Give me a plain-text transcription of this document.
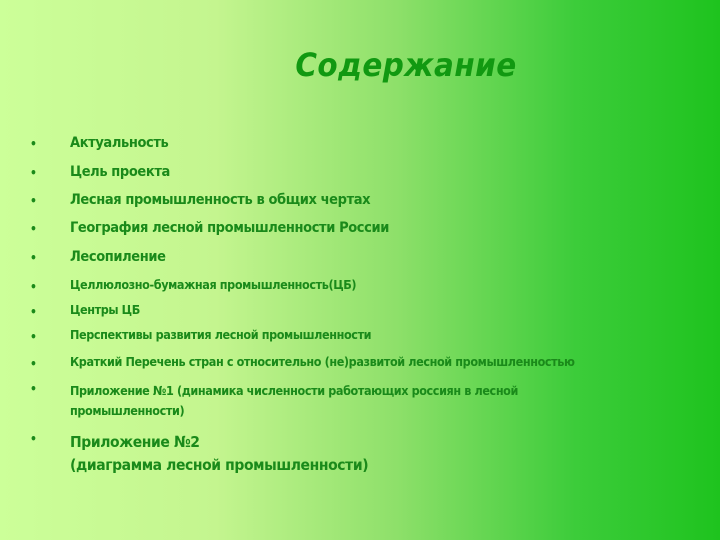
Содержание
• Актуальность
• Цель проекта
• Лесная промышленность в общих чертах
• География лесной промышленности России
• Лесопиление
•	Целлюлозно-бумажная промышленность(ЦБ)
•	Центры ЦБ
•	Перспективы развития лесной промышленности
•	Краткий Перечень стран с относительно (не)развитой лесной промышленностью
•	Приложение №1 (динамика численности работающих россиян в лесной
промышленности)
• Приложение №2
(диаграмма лесной промышленности)
